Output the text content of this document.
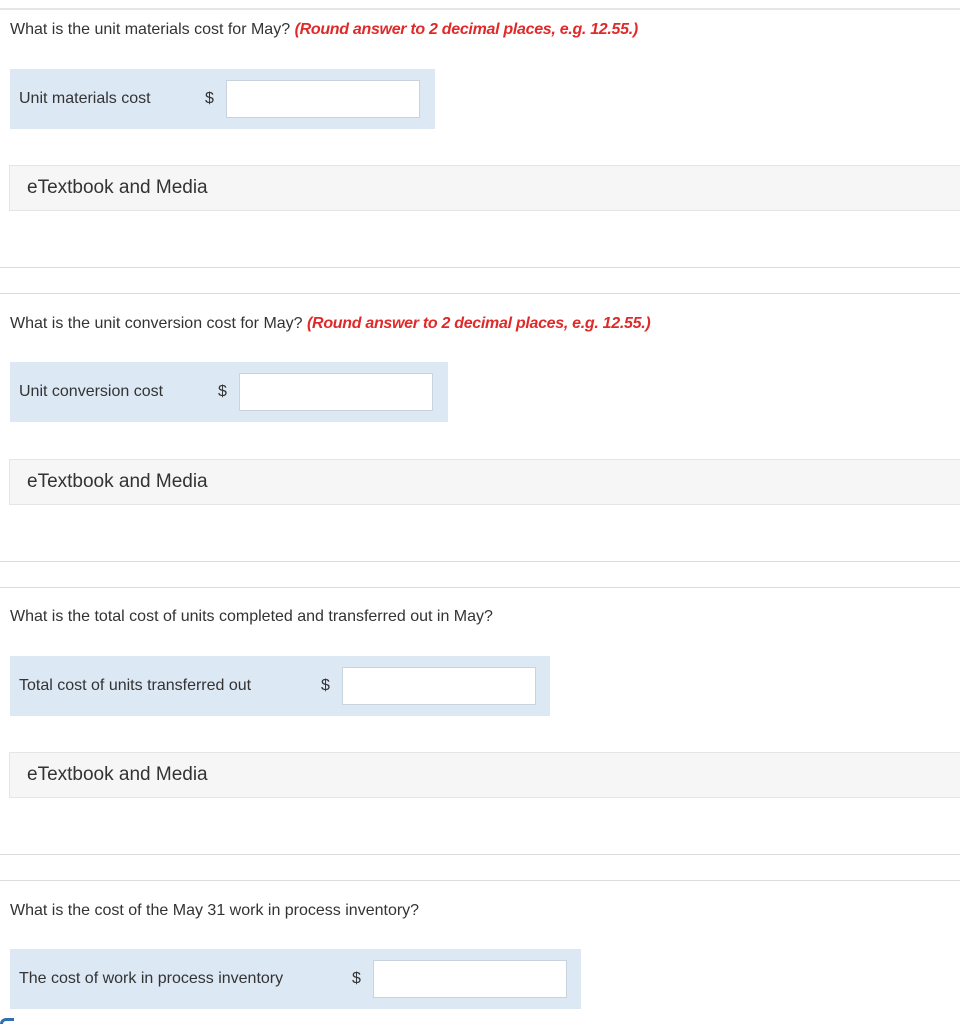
What is the unit materials cost for May? (Round answer to 2 decimal places, e.g. 12.55.)
Unit materials cost	$
eTextbook and Media
What is the unit conversion cost for May? (Round answer to 2 decimal places, e.g. 12.55.)
Unit conversion cost	$
eTextbook and Media
What is the total cost of units completed and transferred out in May?
Total cost of units transferred out	$
eTextbook and Media
What is the cost of the May 31 work in process inventory?
The cost of work in process inventory	$
